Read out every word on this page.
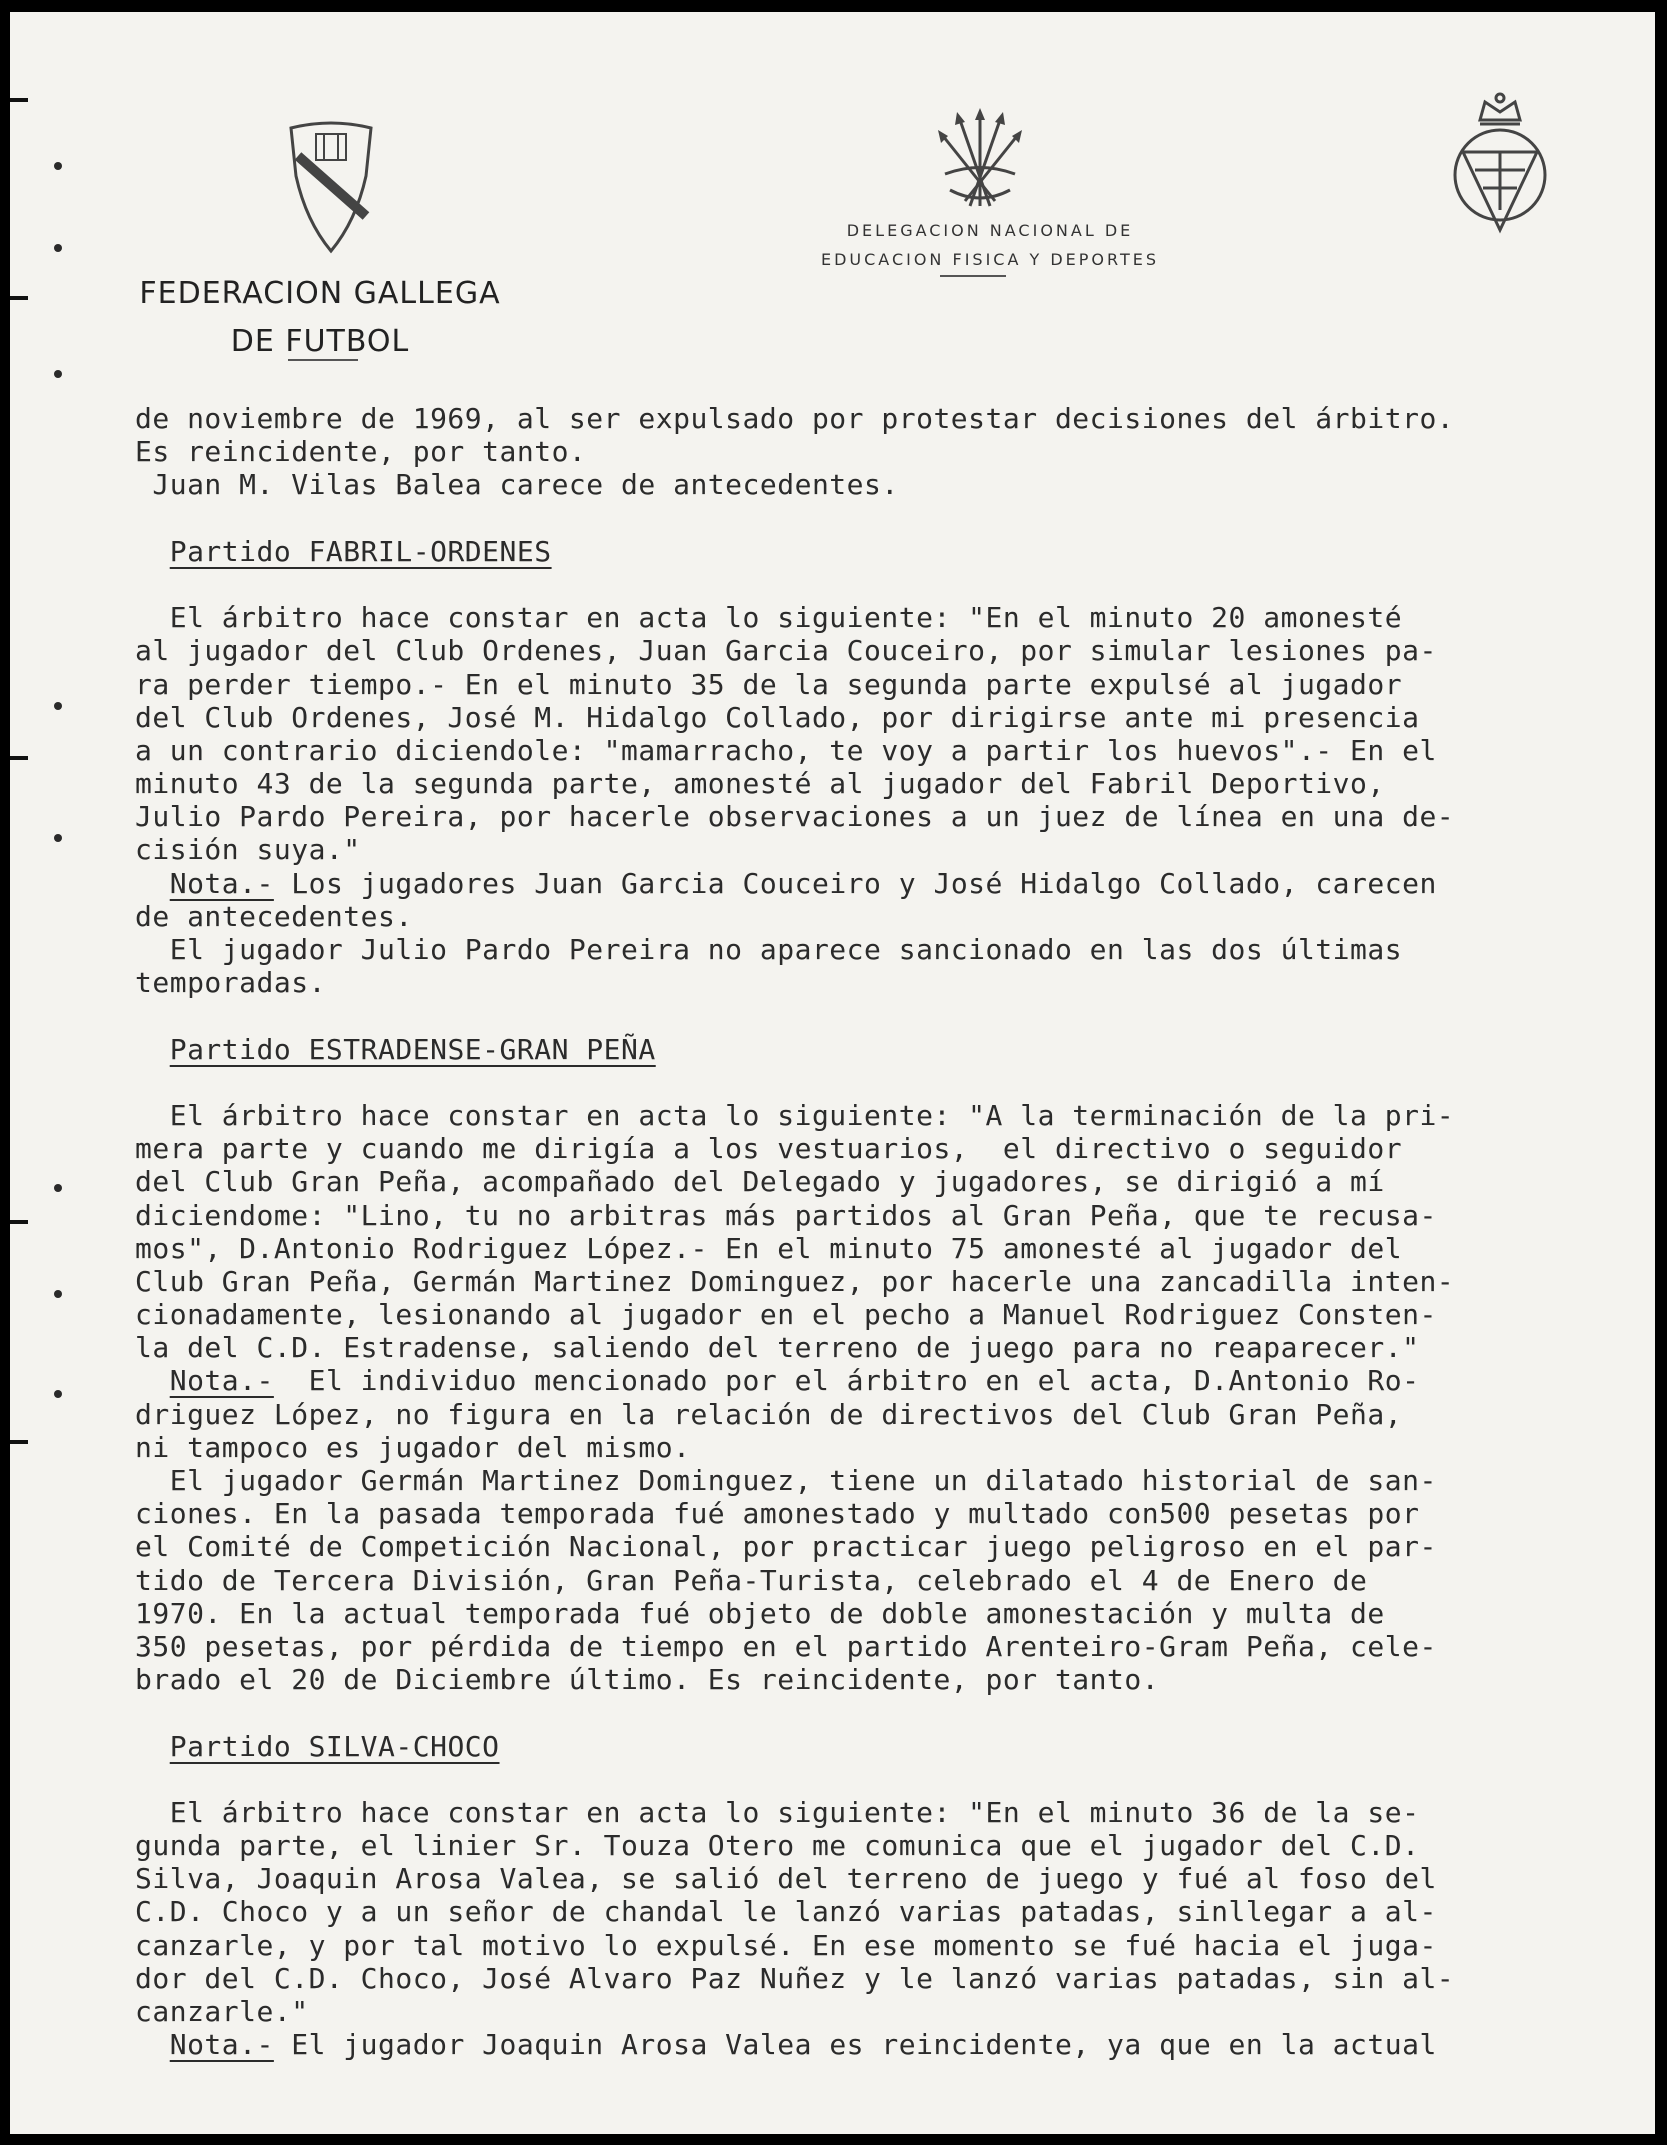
FEDERACION GALLEGA
DE FUTBOL
DELEGACION NACIONAL DE
EDUCACION FISICA Y DEPORTES
de noviembre de 1969, al ser expulsado por protestar decisiones del árbitro.
Es reincidente, por tanto.
Juan M. Vilas Balea carece de antecedentes.
Partido FABRIL-ORDENES
El árbitro hace constar en acta lo siguiente: "En el minuto 20 amonesté
al jugador del Club Ordenes, Juan Garcia Couceiro, por simular lesiones pa-
ra perder tiempo.- En el minuto 35 de la segunda parte expulsé al jugador
del Club Ordenes, José M. Hidalgo Collado, por dirigirse ante mi presencia
a un contrario diciendole: "mamarracho, te voy a partir los huevos".- En el
minuto 43 de la segunda parte, amonesté al jugador del Fabril Deportivo,
Julio Pardo Pereira, por hacerle observaciones a un juez de línea en una de-
cisión suya."
Nota.- Los jugadores Juan Garcia Couceiro y José Hidalgo Collado, carecen
de antecedentes.
El jugador Julio Pardo Pereira no aparece sancionado en las dos últimas
temporadas.
Partido ESTRADENSE-GRAN PEÑA
El árbitro hace constar en acta lo siguiente: "A la terminación de la pri-
mera parte y cuando me dirigía a los vestuarios,  el directivo o seguidor
del Club Gran Peña, acompañado del Delegado y jugadores, se dirigió a mí
diciendome: "Lino, tu no arbitras más partidos al Gran Peña, que te recusa-
mos", D.Antonio Rodriguez López.- En el minuto 75 amonesté al jugador del
Club Gran Peña, Germán Martinez Dominguez, por hacerle una zancadilla inten-
cionadamente, lesionando al jugador en el pecho a Manuel Rodriguez Consten-
la del C.D. Estradense, saliendo del terreno de juego para no reaparecer."
Nota.-  El individuo mencionado por el árbitro en el acta, D.Antonio Ro-
driguez López, no figura en la relación de directivos del Club Gran Peña,
ni tampoco es jugador del mismo.
El jugador Germán Martinez Dominguez, tiene un dilatado historial de san-
ciones. En la pasada temporada fué amonestado y multado con500 pesetas por
el Comité de Competición Nacional, por practicar juego peligroso en el par-
tido de Tercera División, Gran Peña-Turista, celebrado el 4 de Enero de
1970. En la actual temporada fué objeto de doble amonestación y multa de
350 pesetas, por pérdida de tiempo en el partido Arenteiro-Gram Peña, cele-
brado el 20 de Diciembre último. Es reincidente, por tanto.
Partido SILVA-CHOCO
El árbitro hace constar en acta lo siguiente: "En el minuto 36 de la se-
gunda parte, el linier Sr. Touza Otero me comunica que el jugador del C.D.
Silva, Joaquin Arosa Valea, se salió del terreno de juego y fué al foso del
C.D. Choco y a un señor de chandal le lanzó varias patadas, sinllegar a al-
canzarle, y por tal motivo lo expulsé. En ese momento se fué hacia el juga-
dor del C.D. Choco, José Alvaro Paz Nuñez y le lanzó varias patadas, sin al-
canzarle."
Nota.- El jugador Joaquin Arosa Valea es reincidente, ya que en la actual
